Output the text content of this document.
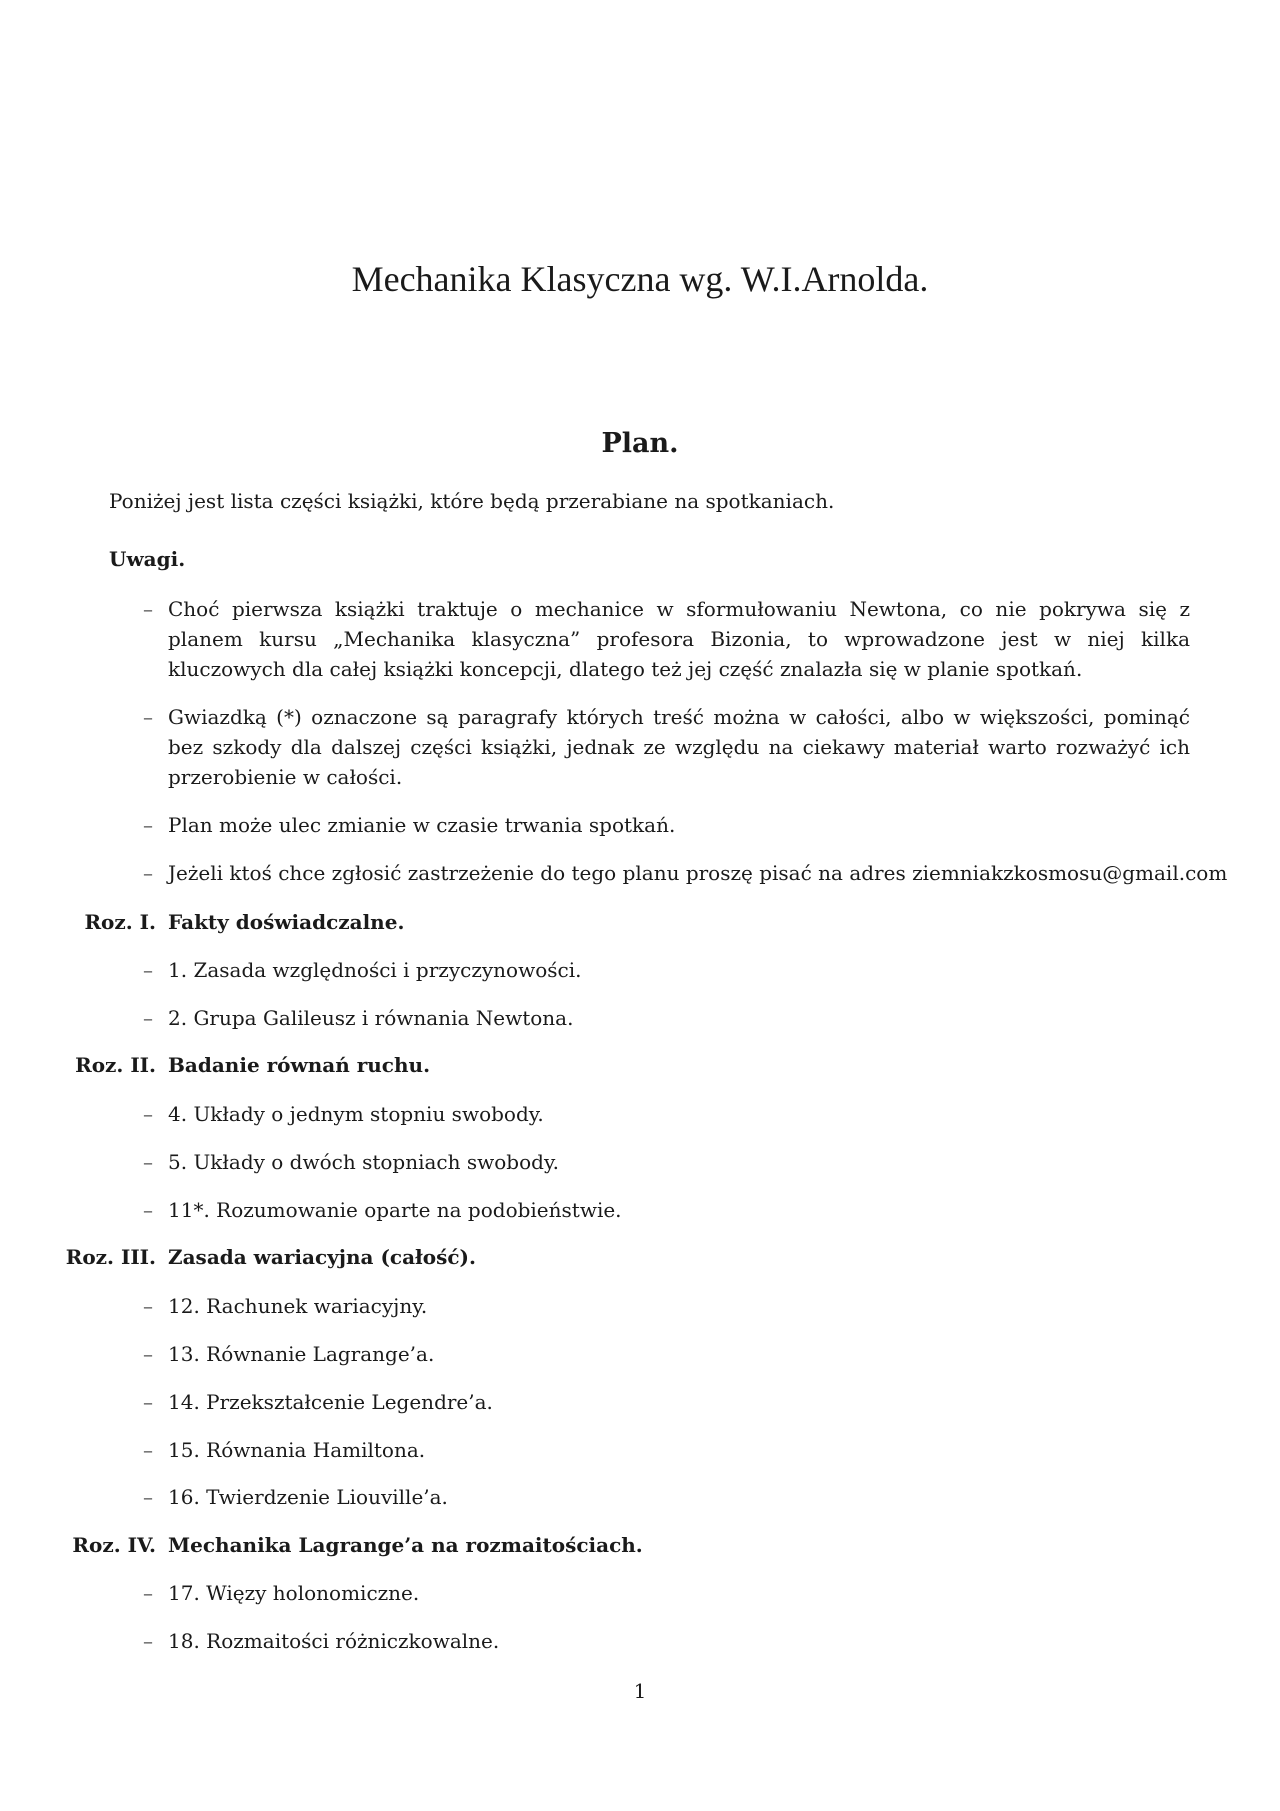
Mechanika Klasyczna wg. W.I.Arnolda.
Plan.

Poniżej jest lista części książki, które będą przerabiane na spotkaniach.

Uwagi.

– Choć pierwsza książki traktuje o mechanice w sformułowaniu Newtona, co nie pokrywa się z planem kursu „Mechanika klasyczna” profesora Bizonia, to wprowadzone jest w niej kilka kluczowych dla całej książki koncepcji, dlatego też jej część znalazła się w planie spotkań.
– Gwiazdką (*) oznaczone są paragrafy których treść można w całości, albo w większości, pominąć bez szkody dla dalszej części książki, jednak ze względu na ciekawy materiał warto rozważyć ich przerobienie w całości.
– Plan może ulec zmianie w czasie trwania spotkań.
– Jeżeli ktoś chce zgłosić zastrzeżenie do tego planu proszę pisać na adres ziemniakzkosmosu@gmail.com
Roz. I. Fakty doświadczalne.
– 1. Zasada względności i przyczynowości.
– 2. Grupa Galileusz i równania Newtona.
Roz. II. Badanie równań ruchu.
– 4. Układy o jednym stopniu swobody.
– 5. Układy o dwóch stopniach swobody.
– 11*. Rozumowanie oparte na podobieństwie.
Roz. III. Zasada wariacyjna (całość).
– 12. Rachunek wariacyjny.
– 13. Równanie Lagrange’a.
– 14. Przekształcenie Legendre’a.
– 15. Równania Hamiltona.
– 16. Twierdzenie Liouville’a.
Roz. IV. Mechanika Lagrange’a na rozmaitościach.
– 17. Więzy holonomiczne.
– 18. Rozmaitości różniczkowalne.
1
